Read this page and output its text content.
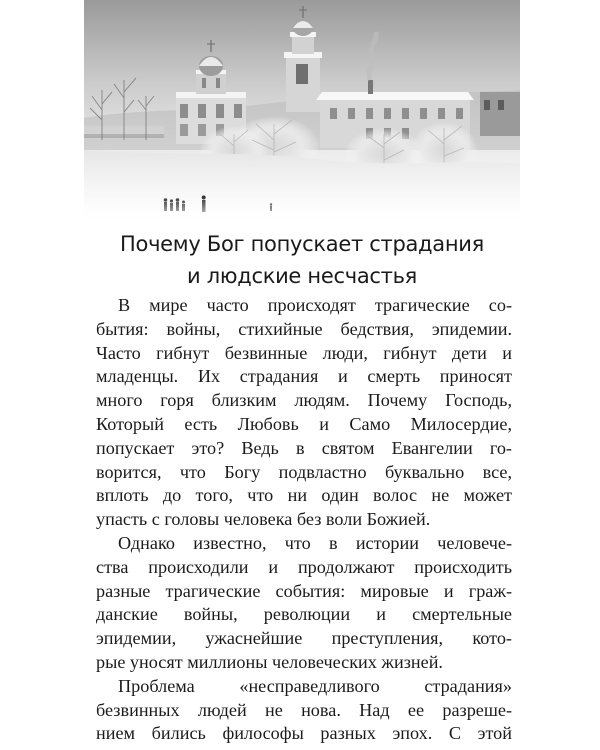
Почему Бог попускает страдания
и людские несчастья
В мире часто происходят трагические со-
бытия: войны, стихийные бедствия, эпидемии.
Часто гибнут безвинные люди, гибнут дети и
младенцы. Их страдания и смерть приносят
много горя близким людям. Почему Господь,
Который есть Любовь и Само Милосердие,
попускает это? Ведь в святом Евангелии го-
ворится, что Богу подвластно буквально все,
вплоть до того, что ни один волос не может
упасть с головы человека без воли Божией.
Однако известно, что в истории человече-
ства происходили и продолжают происходить
разные трагические события: мировые и граж-
данские войны, революции и смертельные
эпидемии, ужаснейшие преступления, кото-
рые уносят миллионы человеческих жизней.
Проблема «несправедливого страдания»
безвинных людей не нова. Над ее разреше-
нием бились философы разных эпох. С этой
